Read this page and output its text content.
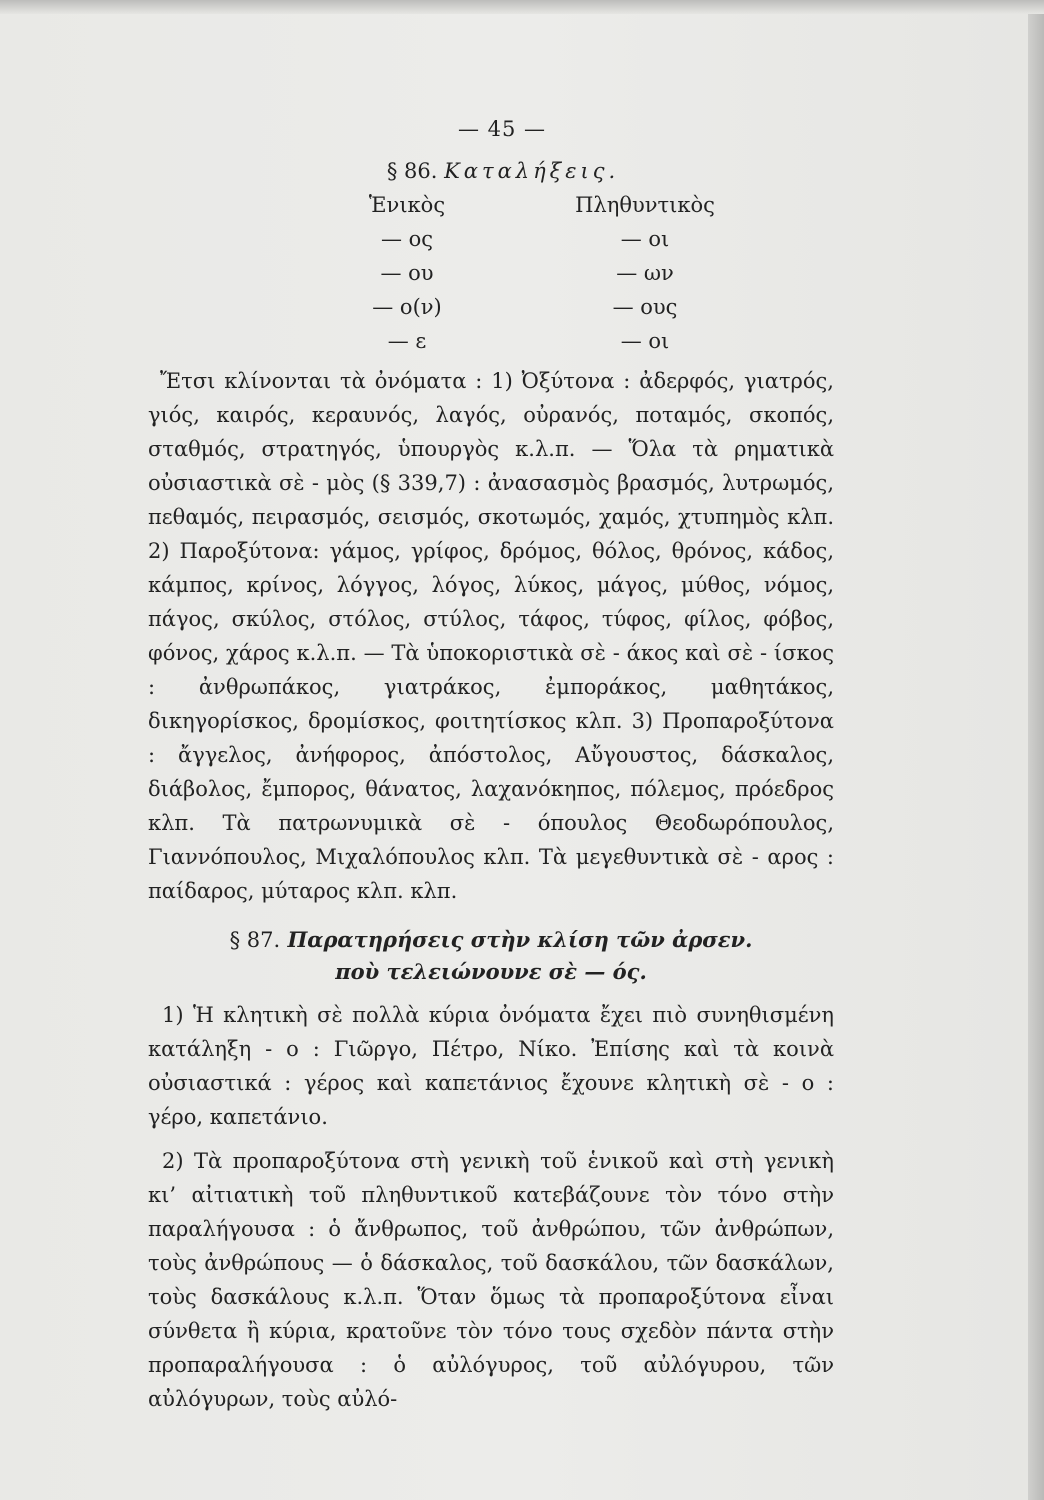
— 45 —
§ 86. Καταλήξεις.
Ἑνικὸς
— ος
— ου
— ο(ν)
— ε
Πληθυντικὸς
— οι
— ων
— ους
— οι

Ἔτσι κλίνονται τὰ ὀνόματα : 1) Ὀξύτονα : ἀδερφός, γιατρός, γιός, καιρός, κεραυνός, λαγός, οὐρανός, ποταμός, σκοπός, σταθμός, στρατηγός, ὑπουργὸς κ.λ.π. — Ὅλα τὰ ρηματικὰ οὐσιαστικὰ σὲ - μὸς (§ 339,7) : ἀνασασμὸς βρασμός, λυτρωμός, πεθαμός, πειρασμός, σεισμός, σκοτωμός, χαμός, χτυπημὸς κλπ. 2) Παροξύτονα: γάμος, γρίφος, δρόμος, θόλος, θρόνος, κάδος, κάμπος, κρίνος, λόγγος, λόγος, λύκος, μάγος, μύθος, νόμος, πάγος, σκύλος, στόλος, στύλος, τάφος, τύφος, φίλος, φόβος, φόνος, χάρος κ.λ.π. — Τὰ ὑποκοριστικὰ σὲ - άκος καὶ σὲ - ίσκος : ἀνθρωπάκος, γιατράκος, ἐμποράκος, μαθητάκος, δικηγορίσκος, δρομίσκος, φοιτητίσκος κλπ. 3) Προπαροξύτονα : ἄγγελος, ἀνήφορος, ἀπόστολος, Αὔγουστος, δάσκαλος, διάβολος, ἔμπορος, θάνατος, λαχανόκηπος, πόλεμος, πρόεδρος κλπ. Τὰ πατρωνυμικὰ σὲ - όπουλος Θεοδωρόπουλος, Γιαννόπουλος, Μιχαλόπουλος κλπ. Τὰ μεγεθυντικὰ σὲ - αρος : παίδαρος, μύταρος κλπ. κλπ.

§ 87. Παρατηρήσεις στὴν κλίση τῶν ἀρσεν.
ποὺ τελειώνουνε σὲ — ός.

1) Ἡ κλητικὴ σὲ πολλὰ κύρια ὀνόματα ἔχει πιὸ συνηθισμένη κατάληξη - ο : Γιῶργο, Πέτρο, Νίκο. Ἐπίσης καὶ τὰ κοινὰ οὐσιαστικά : γέρος καὶ καπετάνιος ἔχουνε κλητικὴ σὲ - ο : γέρο, καπετάνιο.

2) Τὰ προπαροξύτονα στὴ γενικὴ τοῦ ἑνικοῦ καὶ στὴ γενικὴ κι’ αἰτιατικὴ τοῦ πληθυντικοῦ κατεβάζουνε τὸν τόνο στὴν παραλήγουσα : ὁ ἄνθρωπος, τοῦ ἀνθρώπου, τῶν ἀνθρώπων, τοὺς ἀνθρώπους — ὁ δάσκαλος, τοῦ δασκάλου, τῶν δασκάλων, τοὺς δασκάλους κ.λ.π. Ὅταν ὅμως τὰ προπαροξύτονα εἶναι σύνθετα ἢ κύρια, κρατοῦνε τὸν τόνο τους σχεδὸν πάντα στὴν προπαραλήγουσα : ὁ αὐλόγυρος, τοῦ αὐλόγυρου, τῶν αὐλόγυρων, τοὺς αὐλό-
